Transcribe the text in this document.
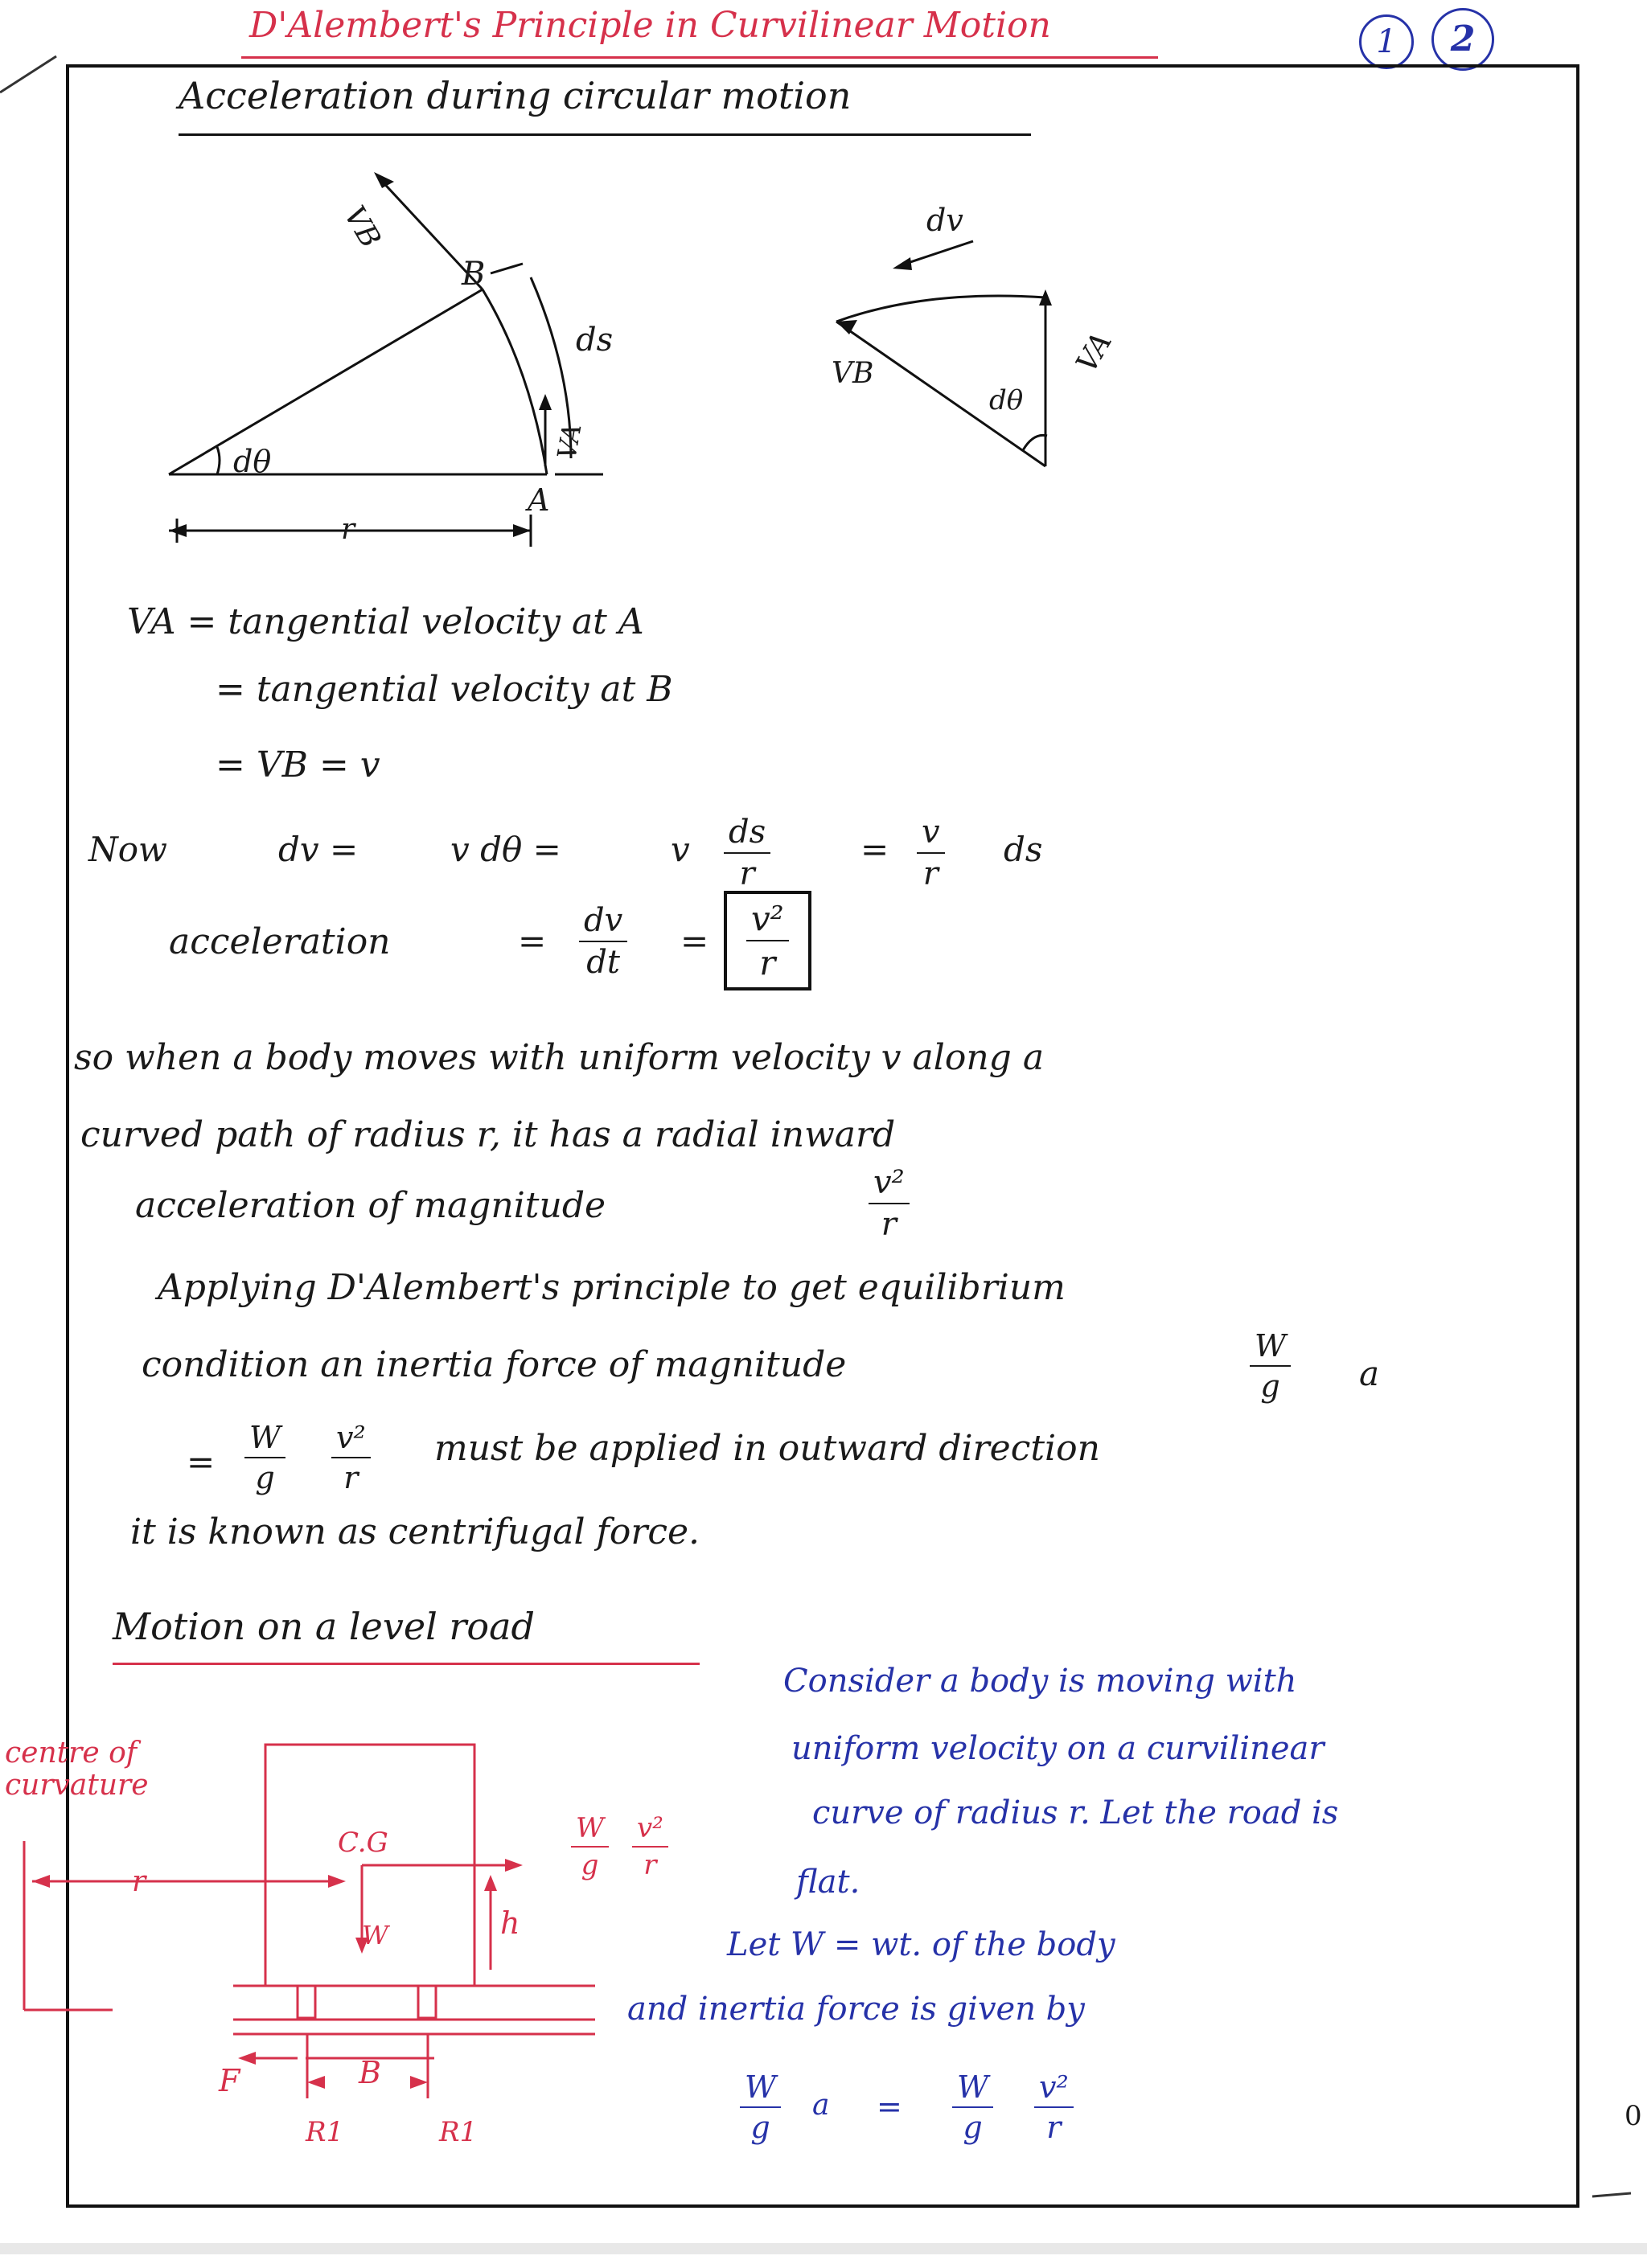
D'Alembert's Principle in Curvilinear Motion	1	2
Acceleration during circular motion
VB
B
ds
VA
dθ
A
r
dv
VB	VA
dθ
VA = tangential velocity at A
= tangential velocity at B
= VB = v
Now	dv =	v dθ =	v ds
r
= v
r
ds
acceleration	=
dv
dt
=
v²
r
so when a body moves with uniform velocity v along a
curved path of radius r, it has a radial inward
acceleration of magnitude
v²
r
Applying D'Alembert's principle to get equilibrium
condition an inertia force of magnitude	W
g a
=
W
g
v²
r
must be applied in outward direction
it is known as centrifugal force.
Motion on a level road
centre of
curvature
r
C.G
W	h
F	B
R1	R1
W
g
v²
r
Consider a body is moving with
uniform velocity on a curvilinear
curve of radius r. Let the road is
flat.
Let W = wt. of the body
and inertia force is given by
W
g
a =
W
g
v²
r	0
